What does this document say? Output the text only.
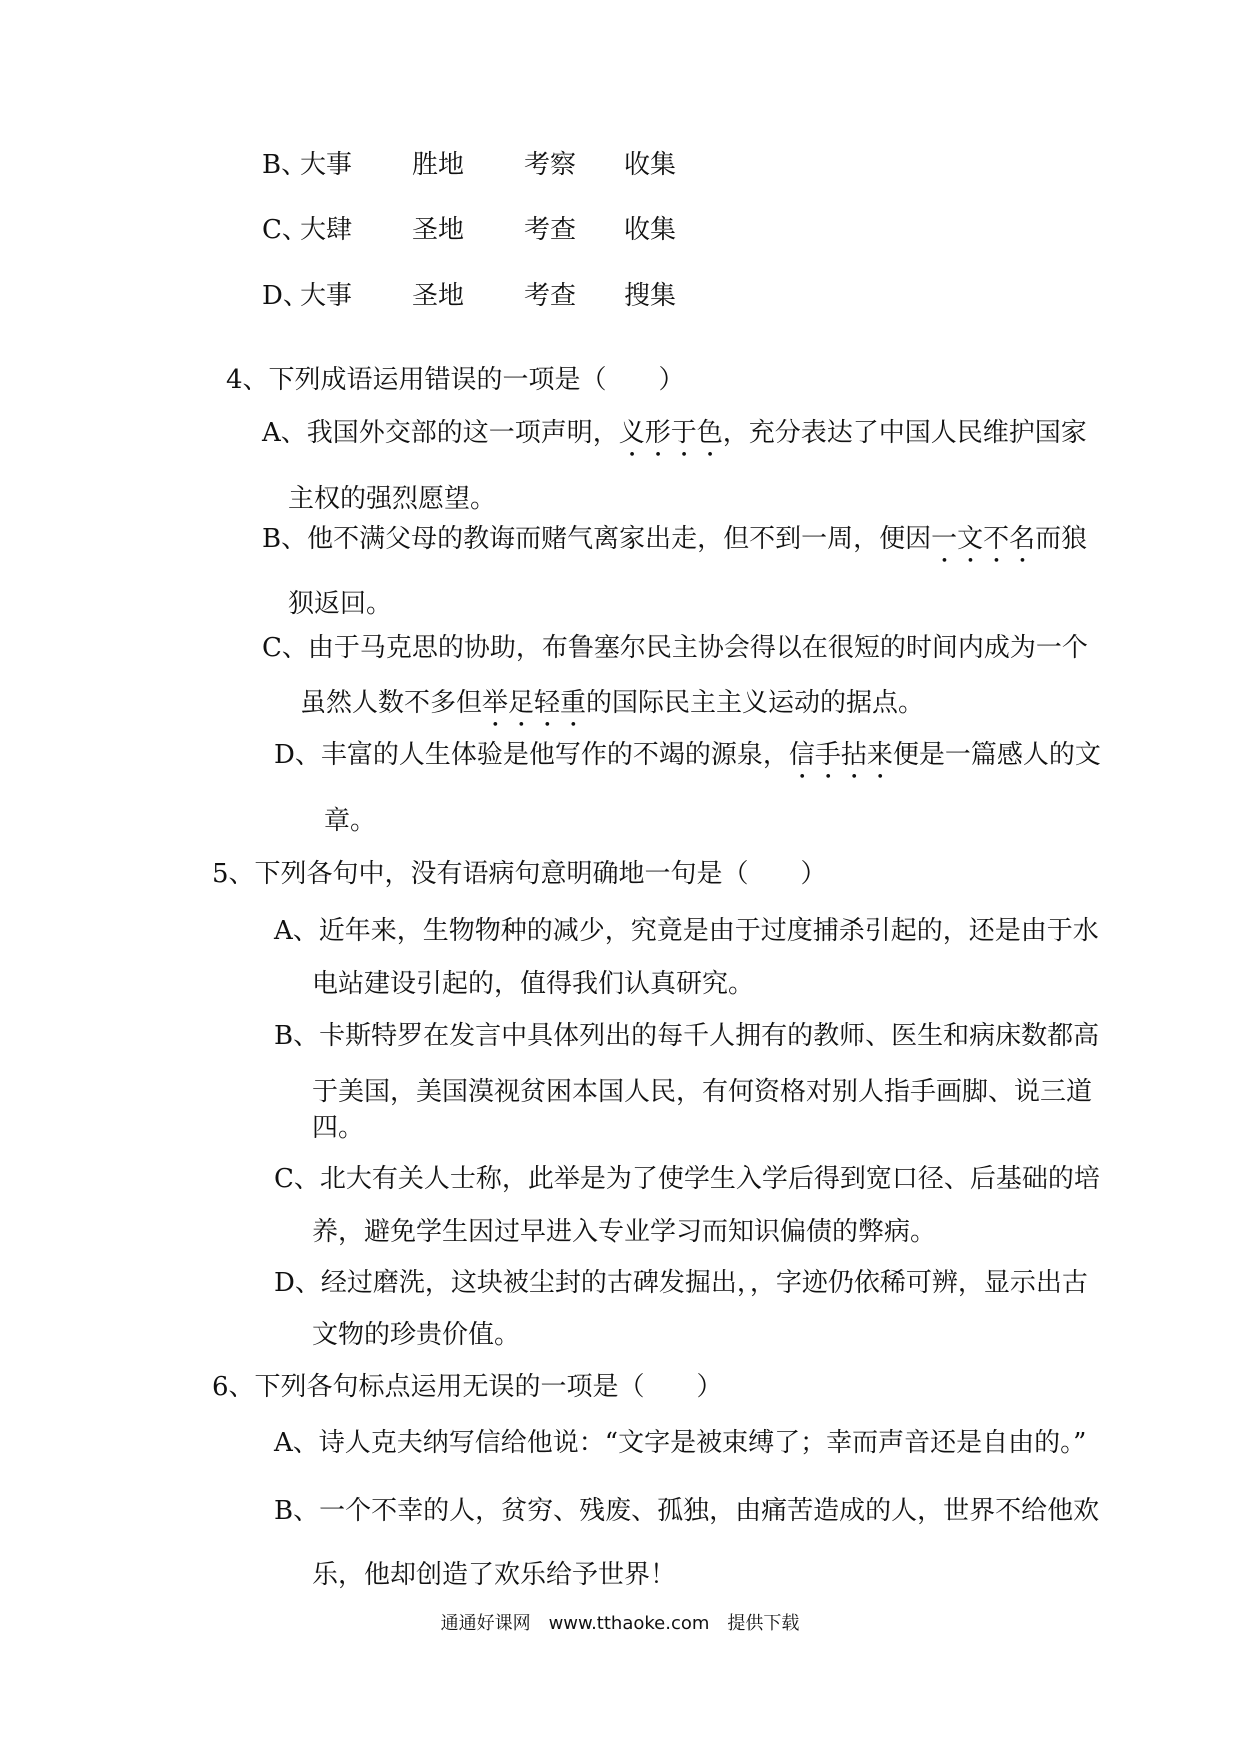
B、
大事 胜地 考察 收集
C、
大肆 圣地 考查 收集
D、
大事 圣地 考查 搜集
4、下列成语运用错误的一项是（　　）
A、我国外交部的这一项声明，义形于色，充分表达了中国人民维护国家
主权的强烈愿望。
B、他不满父母的教诲而赌气离家出走，但不到一周，便因一文不名而狼
狈返回。
C、由于马克思的协助，布鲁塞尔民主协会得以在很短的时间内成为一个
虽然人数不多但举足轻重的国际民主主义运动的据点。
D、丰富的人生体验是他写作的不竭的源泉，信手拈来便是一篇感人的文
章。
5、下列各句中，没有语病句意明确地一句是（　　）
A、近年来，生物物种的减少，究竟是由于过度捕杀引起的，还是由于水
电站建设引起的，值得我们认真研究。
B、卡斯特罗在发言中具体列出的每千人拥有的教师、医生和病床数都高
于美国，美国漠视贫困本国人民，有何资格对别人指手画脚、说三道
四。
C、北大有关人士称，此举是为了使学生入学后得到宽口径、后基础的培
养，避免学生因过早进入专业学习而知识偏债的弊病。
D、经过磨洗，这块被尘封的古碑发掘出，，字迹仍依稀可辨，显示出古
文物的珍贵价值。
6、下列各句标点运用无误的一项是（　　）
A、诗人克夫纳写信给他说：“文字是被束缚了；幸而声音还是自由的。”
B、一个不幸的人，贫穷、残废、孤独，由痛苦造成的人，世界不给他欢
乐，他却创造了欢乐给予世界！
通通好课网　www.tthaoke.com　提供下载
